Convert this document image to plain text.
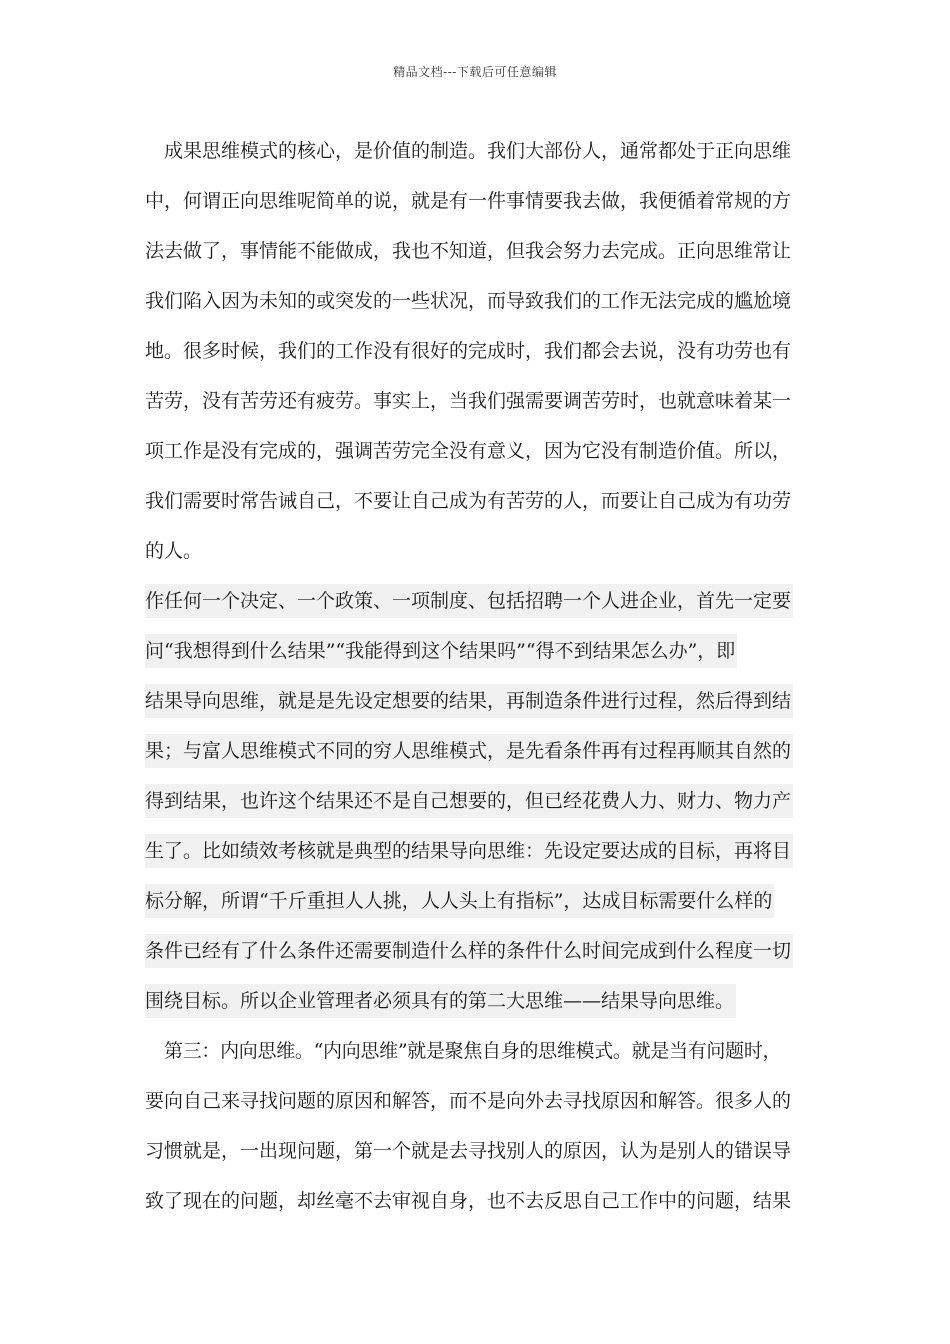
精品文档---下载后可任意编辑
成果思维模式的核心，是价值的制造。我们大部份人，通常都处于正向思维
中，何谓正向思维呢简单的说，就是有一件事情要我去做，我便循着常规的方
法去做了，事情能不能做成，我也不知道，但我会努力去完成。正向思维常让
我们陷入因为未知的或突发的一些状况，而导致我们的工作无法完成的尴尬境
地。很多时候，我们的工作没有很好的完成时，我们都会去说，没有功劳也有
苦劳，没有苦劳还有疲劳。事实上，当我们强需要调苦劳时，也就意味着某一
项工作是没有完成的，强调苦劳完全没有意义，因为它没有制造价值。所以，
我们需要时常告诫自己，不要让自己成为有苦劳的人，而要让自己成为有功劳
的人。
作任何一个决定、一个政策、一项制度、包括招聘一个人进企业，首先一定要
问“我想得到什么结果”“我能得到这个结果吗”“得不到结果怎么办”，即
结果导向思维，就是是先设定想要的结果，再制造条件进行过程，然后得到结
果；与富人思维模式不同的穷人思维模式，是先看条件再有过程再顺其自然的
得到结果，也许这个结果还不是自己想要的，但已经花费人力、财力、物力产
生了。比如绩效考核就是典型的结果导向思维：先设定要达成的目标，再将目
标分解，所谓“千斤重担人人挑，人人头上有指标”，达成目标需要什么样的
条件已经有了什么条件还需要制造什么样的条件什么时间完成到什么程度一切
围绕目标。所以企业管理者必须具有的第二大思维——结果导向思维。
第三：内向思维。“内向思维”就是聚焦自身的思维模式。就是当有问题时，
要向自己来寻找问题的原因和解答，而不是向外去寻找原因和解答。很多人的
习惯就是，一出现问题，第一个就是去寻找别人的原因，认为是别人的错误导
致了现在的问题，却丝毫不去审视自身，也不去反思自己工作中的问题，结果
